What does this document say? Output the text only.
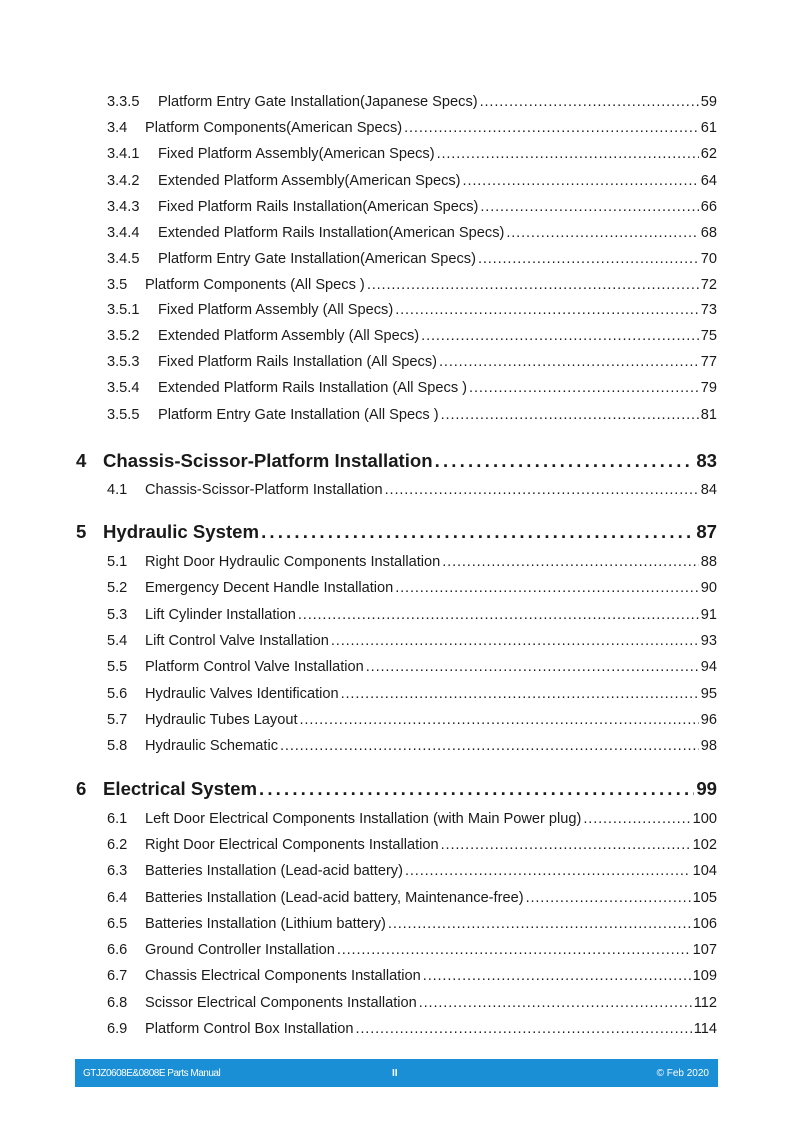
3.3.5	Platform Entry Gate Installation(Japanese Specs) . . .	59
3.4	Platform Components(American Specs) . . .	61
3.4.1	Fixed Platform Assembly(American Specs) . . .	62
3.4.2	Extended Platform Assembly(American Specs) . . .	64
3.4.3	Fixed Platform Rails Installation(American Specs) . . .	66
3.4.4	Extended Platform Rails Installation(American Specs) . . .	68
3.4.5	Platform Entry Gate Installation(American Specs) . . .	70
3.5	Platform Components (All Specs ) . . .	72
3.5.1	Fixed Platform Assembly (All Specs) . . .	73
3.5.2	Extended Platform Assembly (All Specs) . . .	75
3.5.3	Fixed Platform Rails Installation (All Specs) . . .	77
3.5.4	Extended Platform Rails Installation (All Specs ) . . .	79
3.5.5	Platform Entry Gate Installation (All Specs ) . . .	81
4 Chassis-Scissor-Platform Installation . . .	83
4.1	Chassis-Scissor-Platform Installation . . .	84
5 Hydraulic System . . .	87
5.1	Right Door Hydraulic Components Installation . . .	88
5.2	Emergency Decent Handle Installation . . .	90
5.3	Lift Cylinder Installation . . .	91
5.4	Lift Control Valve Installation . . .	93
5.5	Platform Control Valve Installation . . .	94
5.6	Hydraulic Valves Identification . . .	95
5.7	Hydraulic Tubes Layout . . .	96
5.8	Hydraulic Schematic . . .	98
6 Electrical System . . .	99
6.1	Left Door Electrical Components Installation (with Main Power plug) . . .	100
6.2	Right Door Electrical Components Installation . . .	102
6.3	Batteries Installation (Lead-acid battery) . . .	104
6.4	Batteries Installation (Lead-acid battery, Maintenance-free) . . .	105
6.5	Batteries Installation (Lithium battery) . . .	106
6.6	Ground Controller Installation . . .	107
6.7	Chassis Electrical Components Installation . . .	109
6.8	Scissor Electrical Components Installation . . .	112
6.9	Platform Control Box Installation . . .	114
GTJZ0608E&0808E Parts Manual	II	© Feb 2020
